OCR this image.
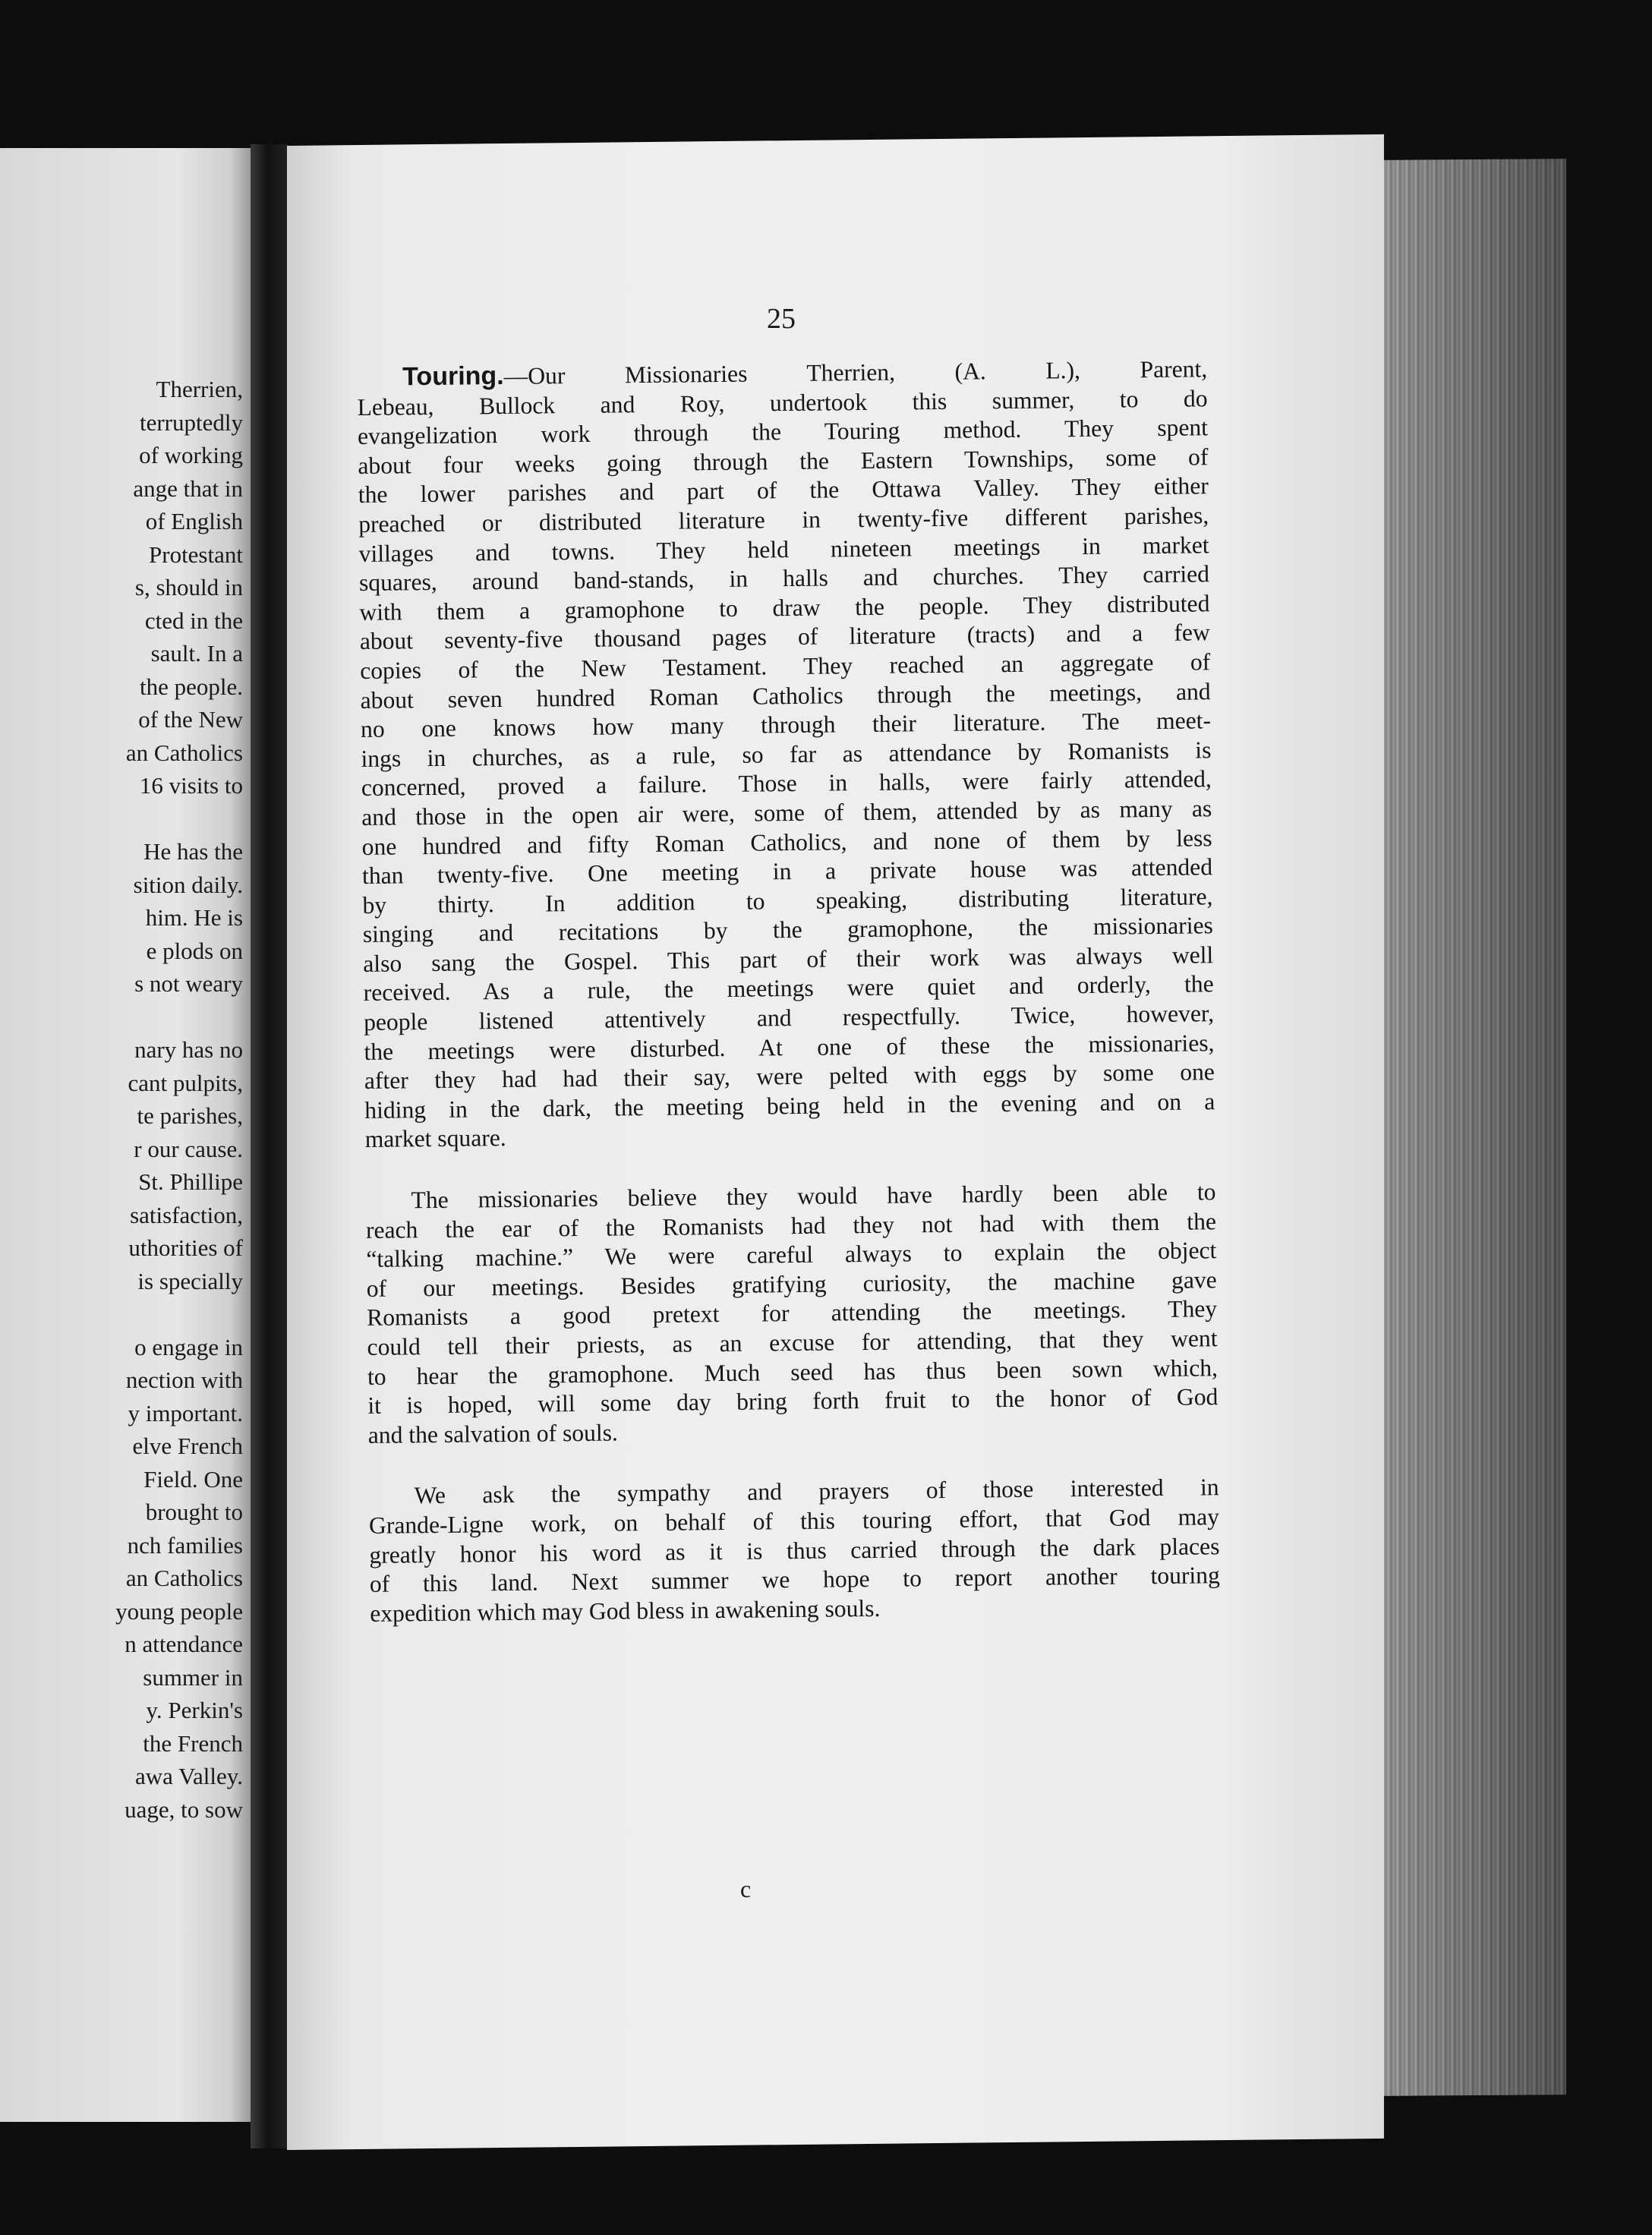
Therrien,
terruptedly
of working
ange that in
of English
Protestant
s, should in
cted in the
sault. In a
the people.
of the New
an Catholics
16 visits to
He has the
sition daily.
him. He is
e plods on
s not weary
nary has no
cant pulpits,
te parishes,
r our cause.
St. Phillipe
satisfaction,
uthorities of
is specially
o engage in
nection with
y important.
elve French
Field. One
brought to
nch families
an Catholics
young people
n attendance
summer in
y. Perkin's
the French
awa Valley.
uage, to sow
25
Touring.—Our Missionaries Therrien, (A. L.), Parent,
Lebeau, Bullock and Roy, undertook this summer, to do
evangelization work through the Touring method. They spent
about four weeks going through the Eastern Townships, some of
the lower parishes and part of the Ottawa Valley. They either
preached or distributed literature in twenty-five different parishes,
villages and towns. They held nineteen meetings in market
squares, around band-stands, in halls and churches. They carried
with them a gramophone to draw the people. They distributed
about seventy-five thousand pages of literature (tracts) and a few
copies of the New Testament. They reached an aggregate of
about seven hundred Roman Catholics through the meetings, and
no one knows how many through their literature. The meet-
ings in churches, as a rule, so far as attendance by Romanists is
concerned, proved a failure. Those in halls, were fairly attended,
and those in the open air were, some of them, attended by as many as
one hundred and fifty Roman Catholics, and none of them by less
than twenty-five. One meeting in a private house was attended
by thirty. In addition to speaking, distributing literature,
singing and recitations by the gramophone, the missionaries
also sang the Gospel. This part of their work was always well
received. As a rule, the meetings were quiet and orderly, the
people listened attentively and respectfully. Twice, however,
the meetings were disturbed. At one of these the missionaries,
after they had had their say, were pelted with eggs by some one
hiding in the dark, the meeting being held in the evening and on a
market square.
The missionaries believe they would have hardly been able to
reach the ear of the Romanists had they not had with them the
“talking machine.” We were careful always to explain the object
of our meetings. Besides gratifying curiosity, the machine gave
Romanists a good pretext for attending the meetings. They
could tell their priests, as an excuse for attending, that they went
to hear the gramophone. Much seed has thus been sown which,
it is hoped, will some day bring forth fruit to the honor of God
and the salvation of souls.
We ask the sympathy and prayers of those interested in
Grande-Ligne work, on behalf of this touring effort, that God may
greatly honor his word as it is thus carried through the dark places
of this land. Next summer we hope to report another touring
expedition which may God bless in awakening souls.
c
